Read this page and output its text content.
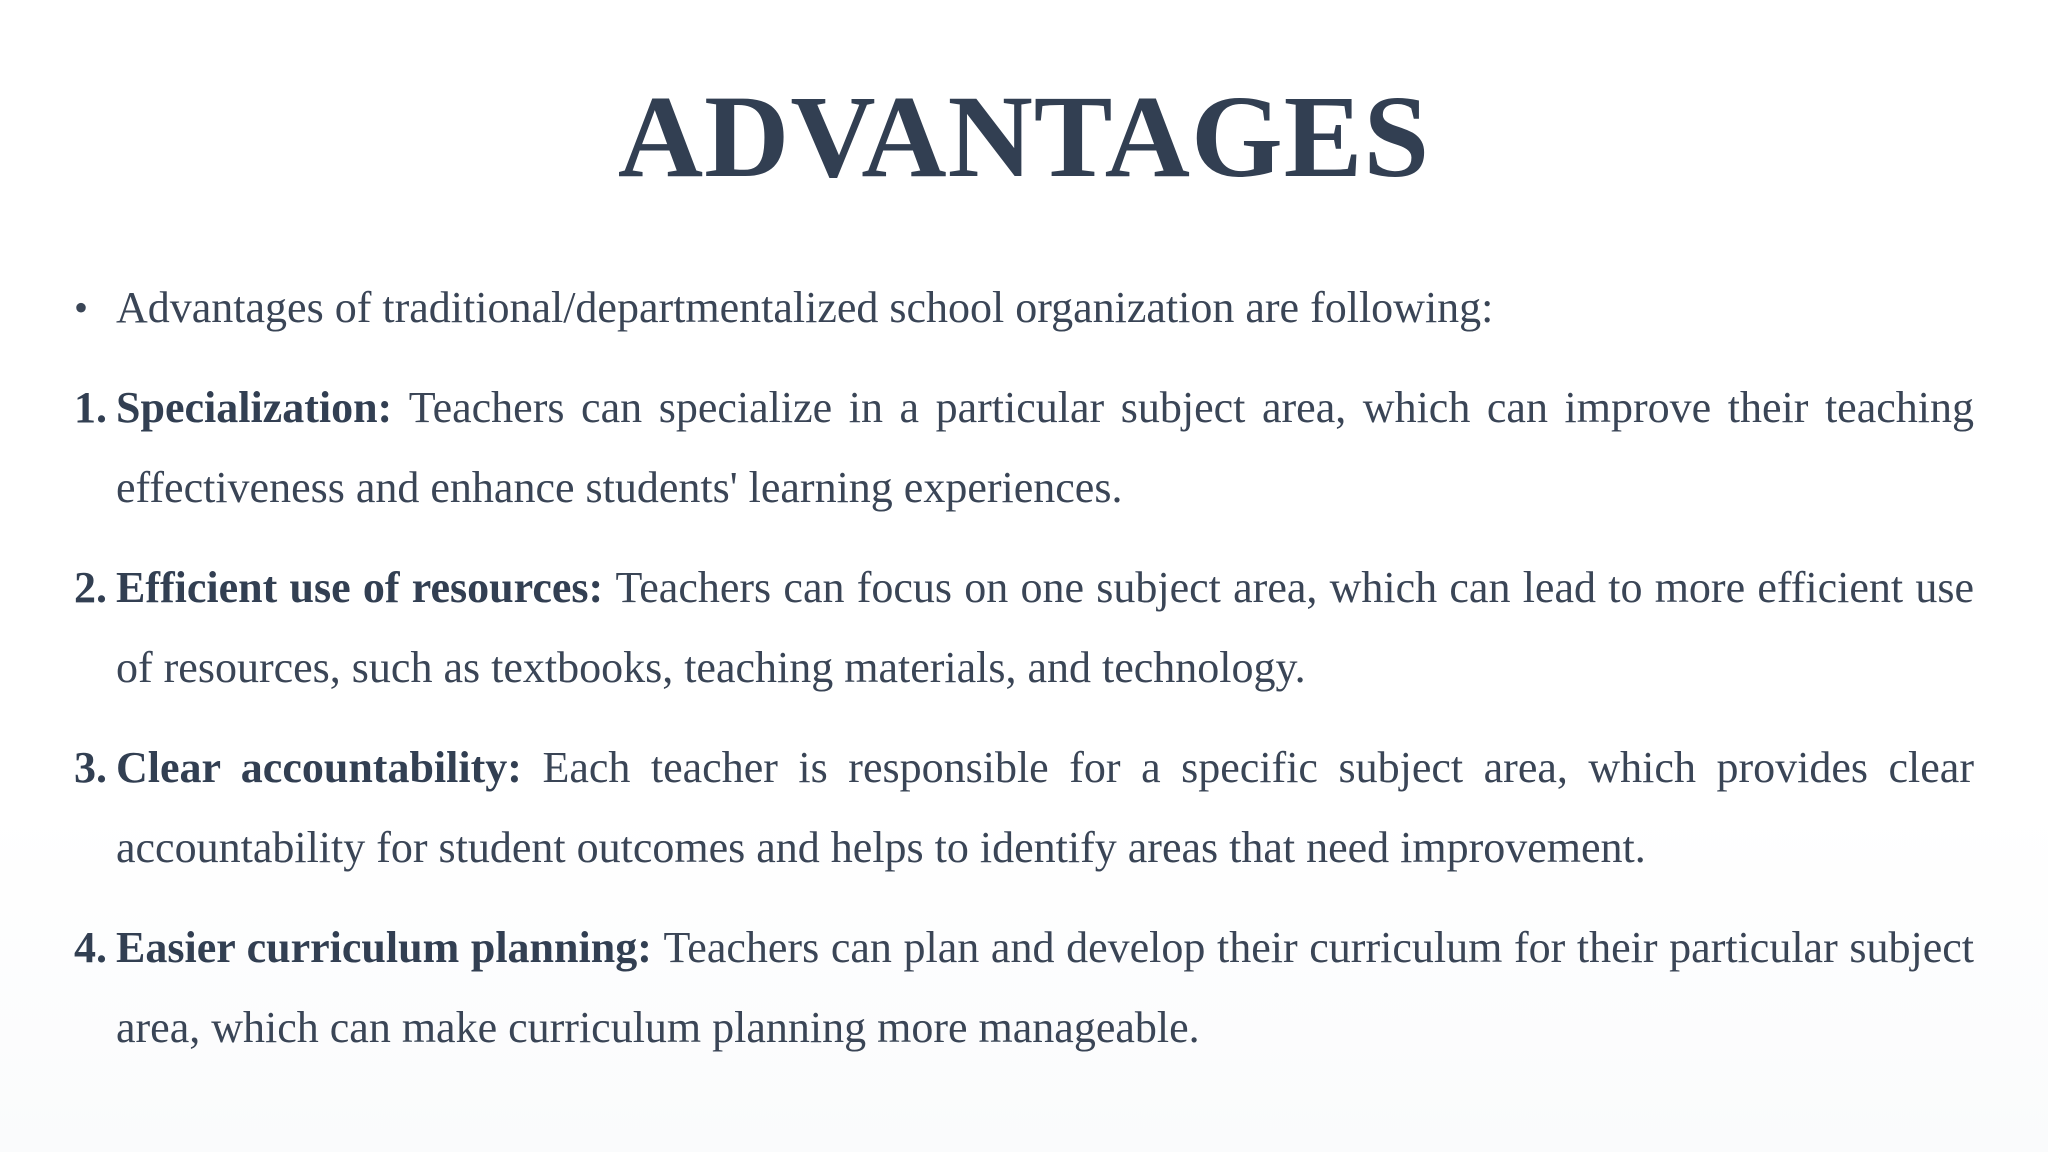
ADVANTAGES

• Advantages of traditional/departmentalized school organization are following:

1. Specialization: Teachers can specialize in a particular subject area, which can improve their teaching effectiveness and enhance students' learning experiences.

2. Efficient use of resources: Teachers can focus on one subject area, which can lead to more efficient use of resources, such as textbooks, teaching materials, and technology.

3. Clear accountability: Each teacher is responsible for a specific subject area, which provides clear accountability for student outcomes and helps to identify areas that need improvement.

4. Easier curriculum planning: Teachers can plan and develop their curriculum for their particular subject area, which can make curriculum planning more manageable.
